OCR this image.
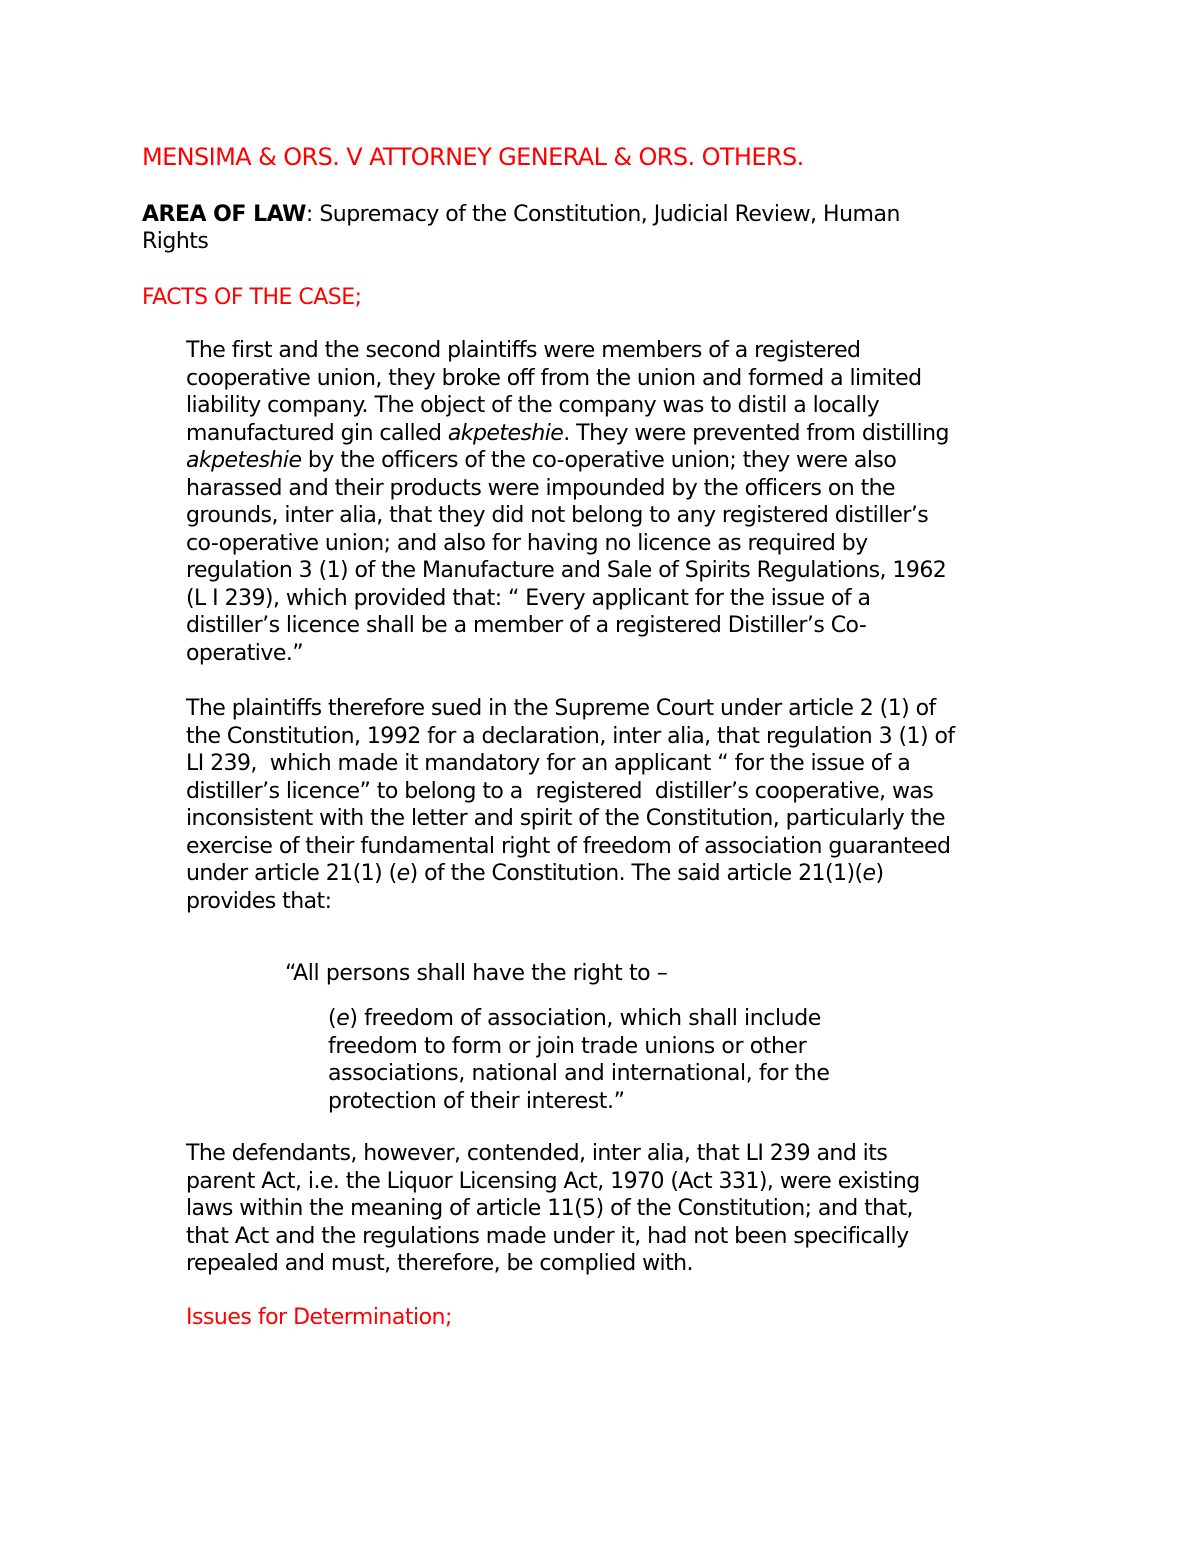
MENSIMA & ORS. V ATTORNEY GENERAL & ORS. OTHERS.
AREA OF LAW: Supremacy of the Constitution, Judicial Review, Human
Rights
FACTS OF THE CASE;
The first and the second plaintiffs were members of a registered
cooperative union, they broke off from the union and formed a limited
liability company. The object of the company was to distil a locally
manufactured gin called akpeteshie. They were prevented from distilling
akpeteshie by the officers of the co-operative union; they were also
harassed and their products were impounded by the officers on the
grounds, inter alia, that they did not belong to any registered distiller’s
co-operative union; and also for having no licence as required by
regulation 3 (1) of the Manufacture and Sale of Spirits Regulations, 1962
(L I 239), which provided that: “ Every applicant for the issue of a
distiller’s licence shall be a member of a registered Distiller’s Co-
operative.”
The plaintiffs therefore sued in the Supreme Court under article 2 (1) of
the Constitution, 1992 for a declaration, inter alia, that regulation 3 (1) of
LI 239,  which made it mandatory for an applicant “ for the issue of a
distiller’s licence” to belong to a  registered  distiller’s cooperative, was
inconsistent with the letter and spirit of the Constitution, particularly the
exercise of their fundamental right of freedom of association guaranteed
under article 21(1) (e) of the Constitution. The said article 21(1)(e)
provides that:
“All persons shall have the right to –
(e) freedom of association, which shall include
freedom to form or join trade unions or other
associations, national and international, for the
protection of their interest.”
The defendants, however, contended, inter alia, that LI 239 and its
parent Act, i.e. the Liquor Licensing Act, 1970 (Act 331), were existing
laws within the meaning of article 11(5) of the Constitution; and that,
that Act and the regulations made under it, had not been specifically
repealed and must, therefore, be complied with.
Issues for Determination;
